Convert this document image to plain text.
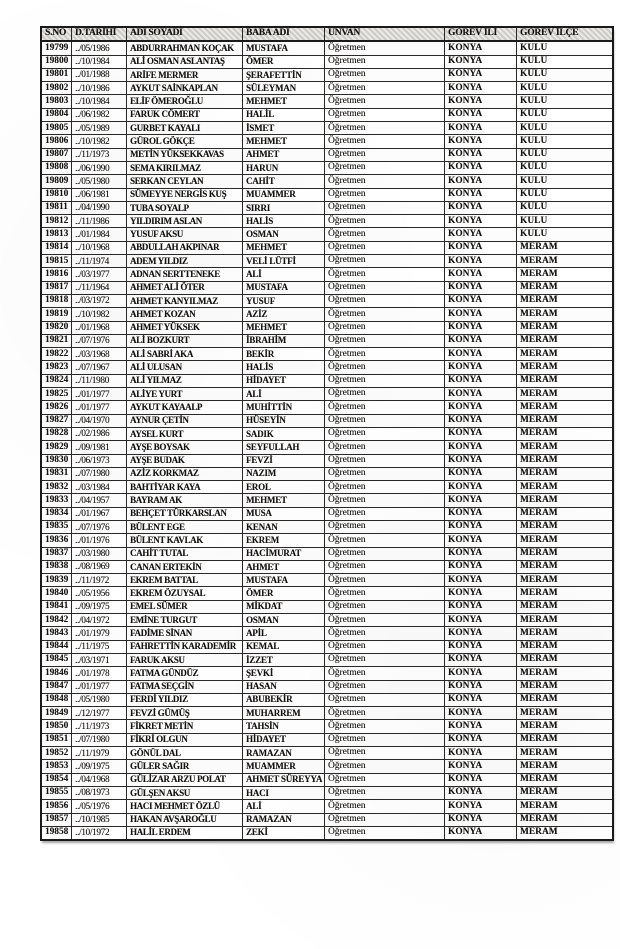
S.NO	D.TARİHİ	ADI SOYADI	BABA ADI	UNVAN	GÖREV İLİ	GÖREV İLÇE
19799	../05/1986	ABDURRAHMAN KOÇAK	MUSTAFA	Öğretmen	KONYA	KULU
19800	../10/1984	ALİ OSMAN ASLANTAŞ	ÖMER	Öğretmen	KONYA	KULU
19801	../01/1988	ARİFE MERMER	ŞERAFETTİN	Öğretmen	KONYA	KULU
19802	../10/1986	AYKUT SAİNKAPLAN	SÜLEYMAN	Öğretmen	KONYA	KULU
19803	../10/1984	ELİF ÖMEROĞLU	MEHMET	Öğretmen	KONYA	KULU
19804	../06/1982	FARUK CÖMERT	HALİL	Öğretmen	KONYA	KULU
19805	../05/1989	GURBET KAYALI	İSMET	Öğretmen	KONYA	KULU
19806	../10/1982	GÜROL GÖKÇE	MEHMET	Öğretmen	KONYA	KULU
19807	../11/1973	METİN YÜKSEKKAVAS	AHMET	Öğretmen	KONYA	KULU
19808	../06/1990	SEMA KIRILMAZ	HARUN	Öğretmen	KONYA	KULU
19809	../05/1980	SERKAN CEYLAN	CAHİT	Öğretmen	KONYA	KULU
19810	../06/1981	SÜMEYYE NERGİS KUŞ	MUAMMER	Öğretmen	KONYA	KULU
19811	../04/1990	TUBA SOYALP	SIRRI	Öğretmen	KONYA	KULU
19812	../11/1986	YILDIRIM ASLAN	HALİS	Öğretmen	KONYA	KULU
19813	../01/1984	YUSUF AKSU	OSMAN	Öğretmen	KONYA	KULU
19814	../10/1968	ABDULLAH AKPINAR	MEHMET	Öğretmen	KONYA	MERAM
19815	../11/1974	ADEM YILDIZ	VELİ LÜTFİ	Öğretmen	KONYA	MERAM
19816	../03/1977	ADNAN SERTTENEKE	ALİ	Öğretmen	KONYA	MERAM
19817	../11/1964	AHMET ALİ ÖTER	MUSTAFA	Öğretmen	KONYA	MERAM
19818	../03/1972	AHMET KANYILMAZ	YUSUF	Öğretmen	KONYA	MERAM
19819	../10/1982	AHMET KOZAN	AZİZ	Öğretmen	KONYA	MERAM
19820	../01/1968	AHMET YÜKSEK	MEHMET	Öğretmen	KONYA	MERAM
19821	../07/1976	ALİ BOZKURT	İBRAHİM	Öğretmen	KONYA	MERAM
19822	../03/1968	ALİ SABRİ AKA	BEKİR	Öğretmen	KONYA	MERAM
19823	../07/1967	ALİ ULUSAN	HALİS	Öğretmen	KONYA	MERAM
19824	../11/1980	ALİ YILMAZ	HİDAYET	Öğretmen	KONYA	MERAM
19825	../01/1977	ALİYE YURT	ALİ	Öğretmen	KONYA	MERAM
19826	../01/1977	AYKUT KAYAALP	MUHİTTİN	Öğretmen	KONYA	MERAM
19827	../04/1970	AYNUR ÇETİN	HÜSEYİN	Öğretmen	KONYA	MERAM
19828	../02/1986	AYSEL KURT	SADIK	Öğretmen	KONYA	MERAM
19829	../09/1981	AYŞE BOYSAK	SEYFULLAH	Öğretmen	KONYA	MERAM
19830	../06/1973	AYŞE BUDAK	FEVZİ	Öğretmen	KONYA	MERAM
19831	../07/1980	AZİZ KORKMAZ	NAZIM	Öğretmen	KONYA	MERAM
19832	../03/1984	BAHTİYAR KAYA	EROL	Öğretmen	KONYA	MERAM
19833	../04/1957	BAYRAM AK	MEHMET	Öğretmen	KONYA	MERAM
19834	../01/1967	BEHÇET TÜRKARSLAN	MUSA	Öğretmen	KONYA	MERAM
19835	../07/1976	BÜLENT EGE	KENAN	Öğretmen	KONYA	MERAM
19836	../01/1976	BÜLENT KAVLAK	EKREM	Öğretmen	KONYA	MERAM
19837	../03/1980	CAHİT TUTAL	HACİMURAT	Öğretmen	KONYA	MERAM
19838	../08/1969	CANAN ERTEKİN	AHMET	Öğretmen	KONYA	MERAM
19839	../11/1972	EKREM BATTAL	MUSTAFA	Öğretmen	KONYA	MERAM
19840	../05/1956	EKREM ÖZUYSAL	ÖMER	Öğretmen	KONYA	MERAM
19841	../09/1975	EMEL SÜMER	MİKDAT	Öğretmen	KONYA	MERAM
19842	../04/1972	EMİNE TURGUT	OSMAN	Öğretmen	KONYA	MERAM
19843	../01/1979	FADİME SİNAN	APİL	Öğretmen	KONYA	MERAM
19844	../11/1975	FAHRETTİN KARADEMİR	KEMAL	Öğretmen	KONYA	MERAM
19845	../03/1971	FARUK AKSU	İZZET	Öğretmen	KONYA	MERAM
19846	../01/1978	FATMA GÜNDÜZ	ŞEVKİ	Öğretmen	KONYA	MERAM
19847	../01/1977	FATMA SEÇGİN	HASAN	Öğretmen	KONYA	MERAM
19848	../05/1980	FERDİ YILDIZ	ABUBEKİR	Öğretmen	KONYA	MERAM
19849	../12/1977	FEVZİ GÜMÜŞ	MUHARREM	Öğretmen	KONYA	MERAM
19850	../11/1973	FİKRET METİN	TAHSİN	Öğretmen	KONYA	MERAM
19851	../07/1980	FİKRİ OLGUN	HİDAYET	Öğretmen	KONYA	MERAM
19852	../11/1979	GÖNÜL DAL	RAMAZAN	Öğretmen	KONYA	MERAM
19853	../09/1975	GÜLER SAĞIR	MUAMMER	Öğretmen	KONYA	MERAM
19854	../04/1968	GÜLİZAR ARZU POLAT	AHMET SÜREYYA	Öğretmen	KONYA	MERAM
19855	../08/1973	GÜLŞEN AKSU	HACI	Öğretmen	KONYA	MERAM
19856	../05/1976	HACI MEHMET ÖZLÜ	ALİ	Öğretmen	KONYA	MERAM
19857	../10/1985	HAKAN AVŞAROĞLU	RAMAZAN	Öğretmen	KONYA	MERAM
19858	../10/1972	HALİL ERDEM	ZEKİ	Öğretmen	KONYA	MERAM
